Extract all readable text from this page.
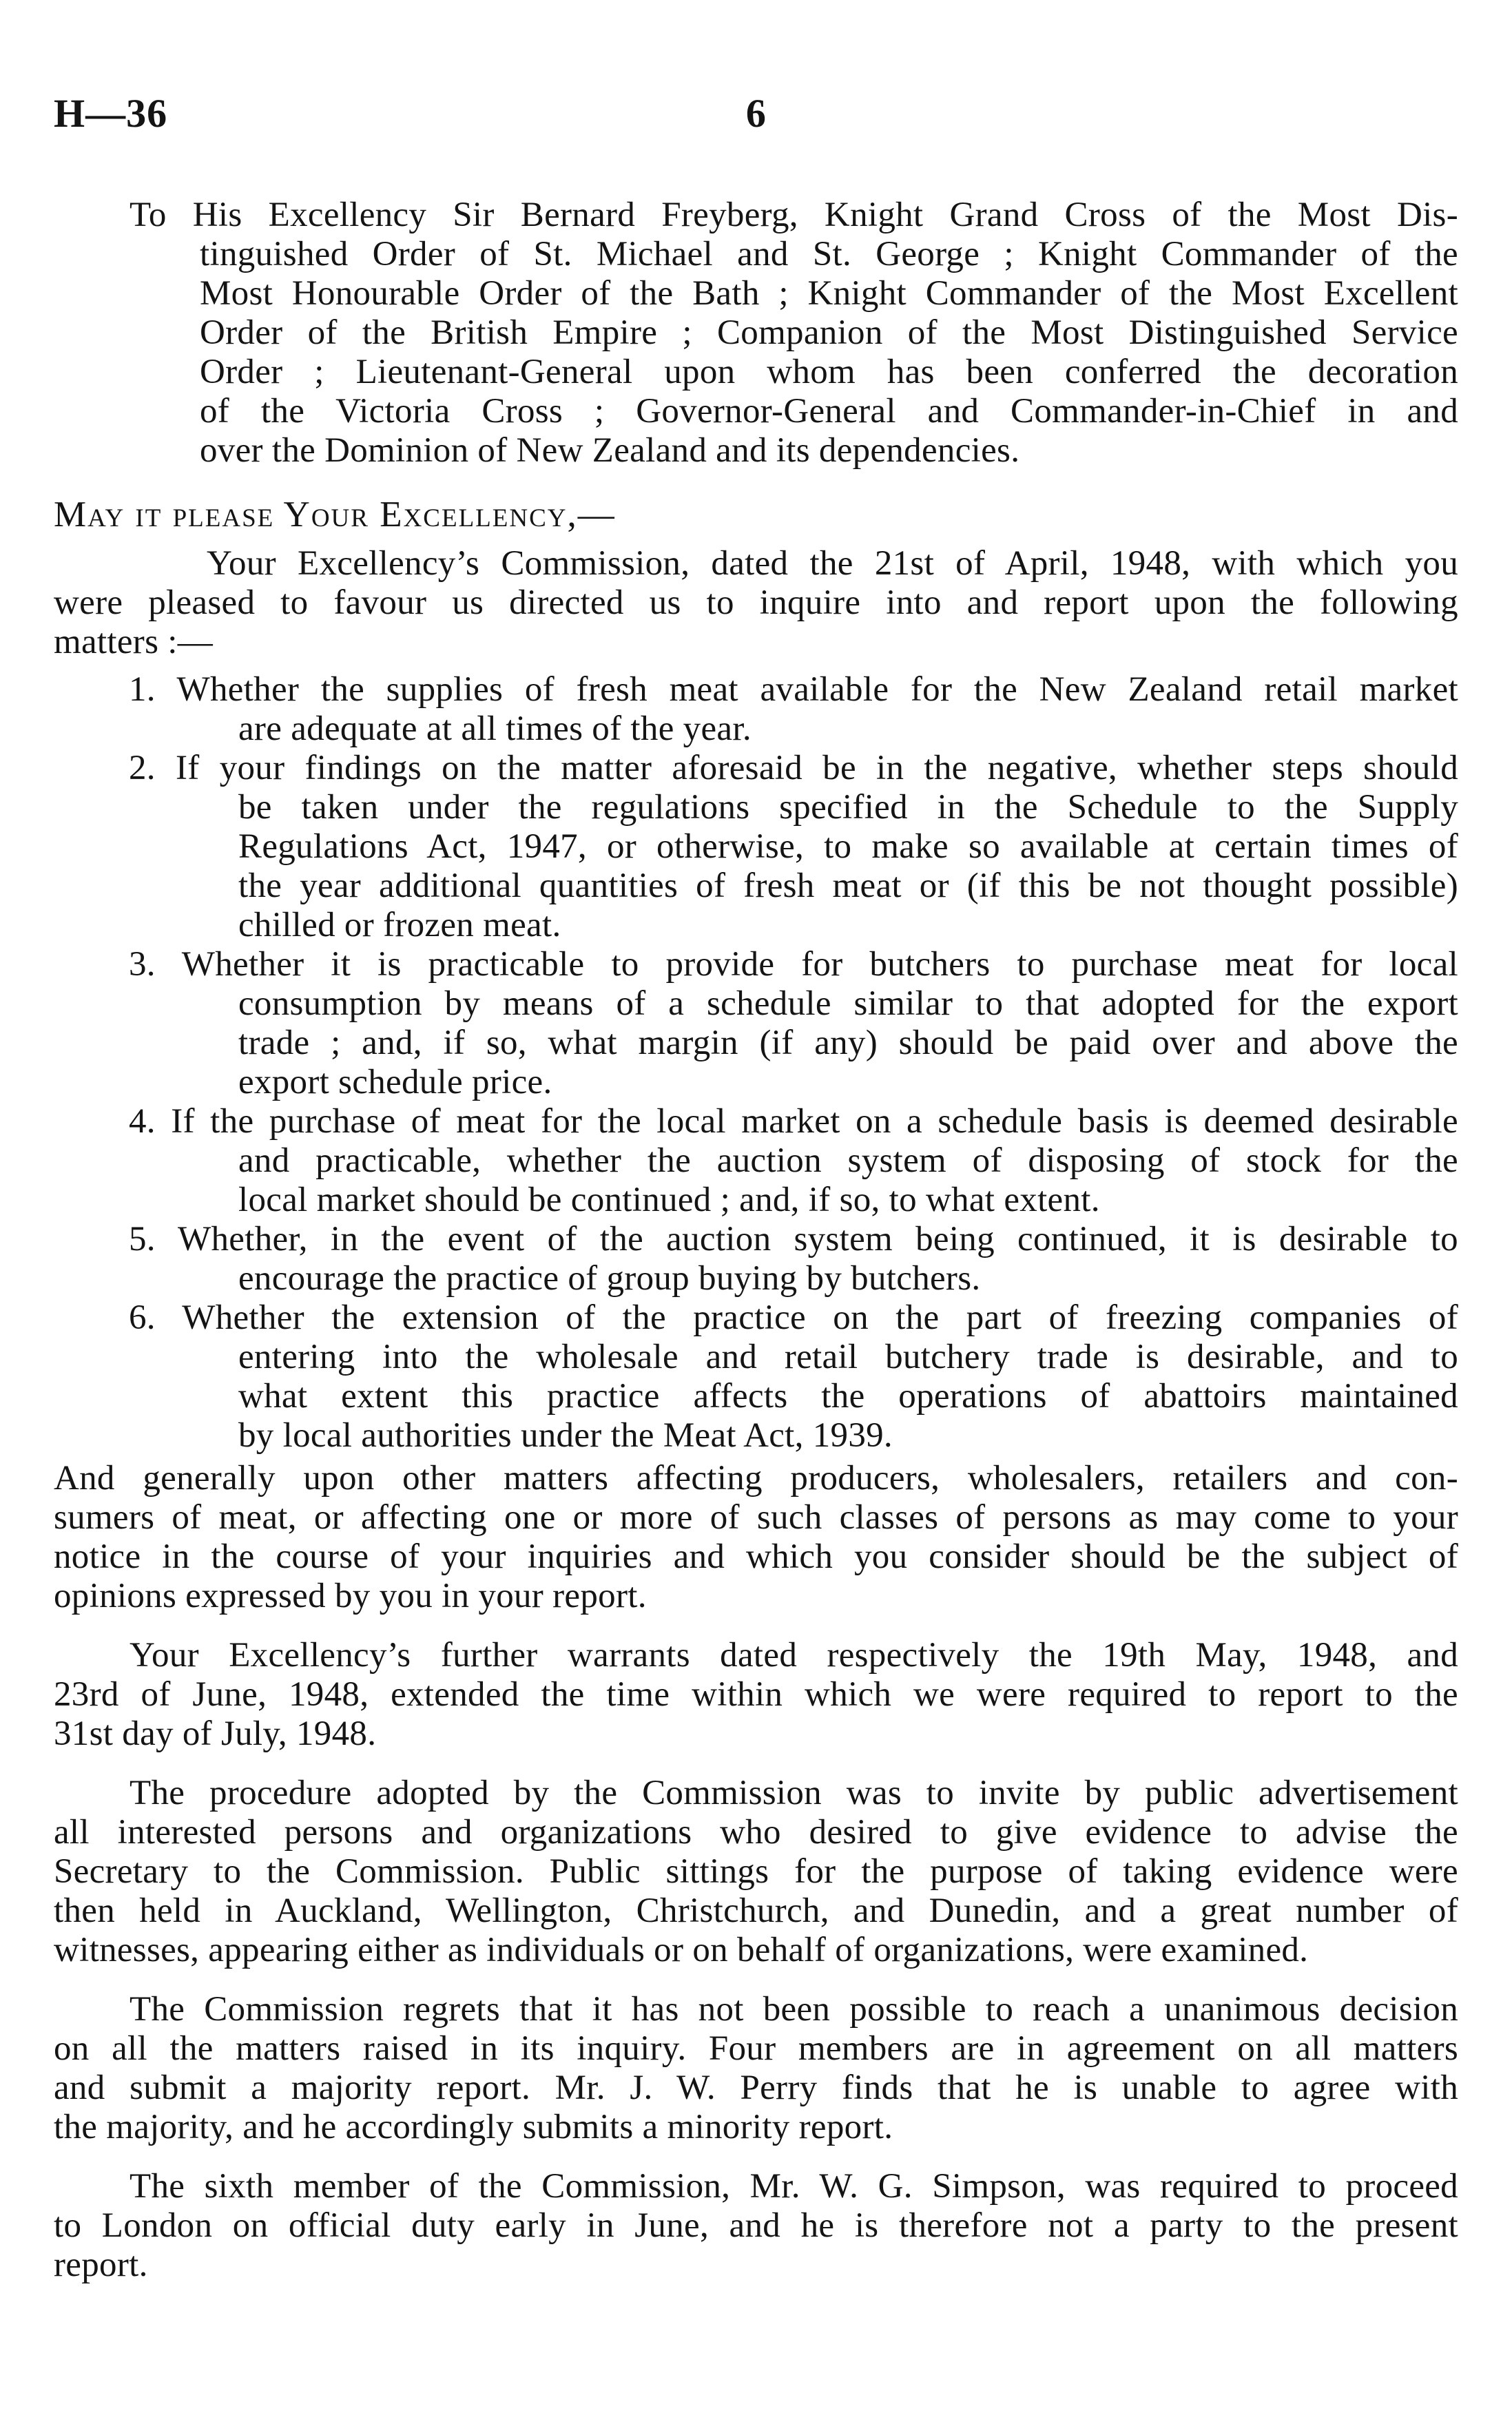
H—36	6
To His Excellency Sir Bernard Freyberg, Knight Grand Cross of the Most Dis-
tinguished Order of St. Michael and St. George ; Knight Commander of the
Most Honourable Order of the Bath ; Knight Commander of the Most Excellent
Order of the British Empire ; Companion of the Most Distinguished Service
Order ; Lieutenant-General upon whom has been conferred the decoration
of the Victoria Cross ; Governor-General and Commander-in-Chief in and
over the Dominion of New Zealand and its dependencies.
May it please Your Excellency,—
Your Excellency’s Commission, dated the 21st of April, 1948, with which you
were pleased to favour us directed us to inquire into and report upon the following
matters :—
1. Whether the supplies of fresh meat available for the New Zealand retail market
are adequate at all times of the year.
2. If your findings on the matter aforesaid be in the negative, whether steps should
be taken under the regulations specified in the Schedule to the Supply
Regulations Act, 1947, or otherwise, to make so available at certain times of
the year additional quantities of fresh meat or (if this be not thought possible)
chilled or frozen meat.
3. Whether it is practicable to provide for butchers to purchase meat for local
consumption by means of a schedule similar to that adopted for the export
trade ; and, if so, what margin (if any) should be paid over and above the
export schedule price.
4. If the purchase of meat for the local market on a schedule basis is deemed desirable
and practicable, whether the auction system of disposing of stock for the
local market should be continued ; and, if so, to what extent.
5. Whether, in the event of the auction system being continued, it is desirable to
encourage the practice of group buying by butchers.
6. Whether the extension of the practice on the part of freezing companies of
entering into the wholesale and retail butchery trade is desirable, and to
what extent this practice affects the operations of abattoirs maintained
by local authorities under the Meat Act, 1939.
And generally upon other matters affecting producers, wholesalers, retailers and con-
sumers of meat, or affecting one or more of such classes of persons as may come to your
notice in the course of your inquiries and which you consider should be the subject of
opinions expressed by you in your report.
Your Excellency’s further warrants dated respectively the 19th May, 1948, and
23rd of June, 1948, extended the time within which we were required to report to the
31st day of July, 1948.
The procedure adopted by the Commission was to invite by public advertisement
all interested persons and organizations who desired to give evidence to advise the
Secretary to the Commission. Public sittings for the purpose of taking evidence were
then held in Auckland, Wellington, Christchurch, and Dunedin, and a great number of
witnesses, appearing either as individuals or on behalf of organizations, were examined.
The Commission regrets that it has not been possible to reach a unanimous decision
on all the matters raised in its inquiry. Four members are in agreement on all matters
and submit a majority report. Mr. J. W. Perry finds that he is unable to agree with
the majority, and he accordingly submits a minority report.
The sixth member of the Commission, Mr. W. G. Simpson, was required to proceed
to London on official duty early in June, and he is therefore not a party to the present
report.
